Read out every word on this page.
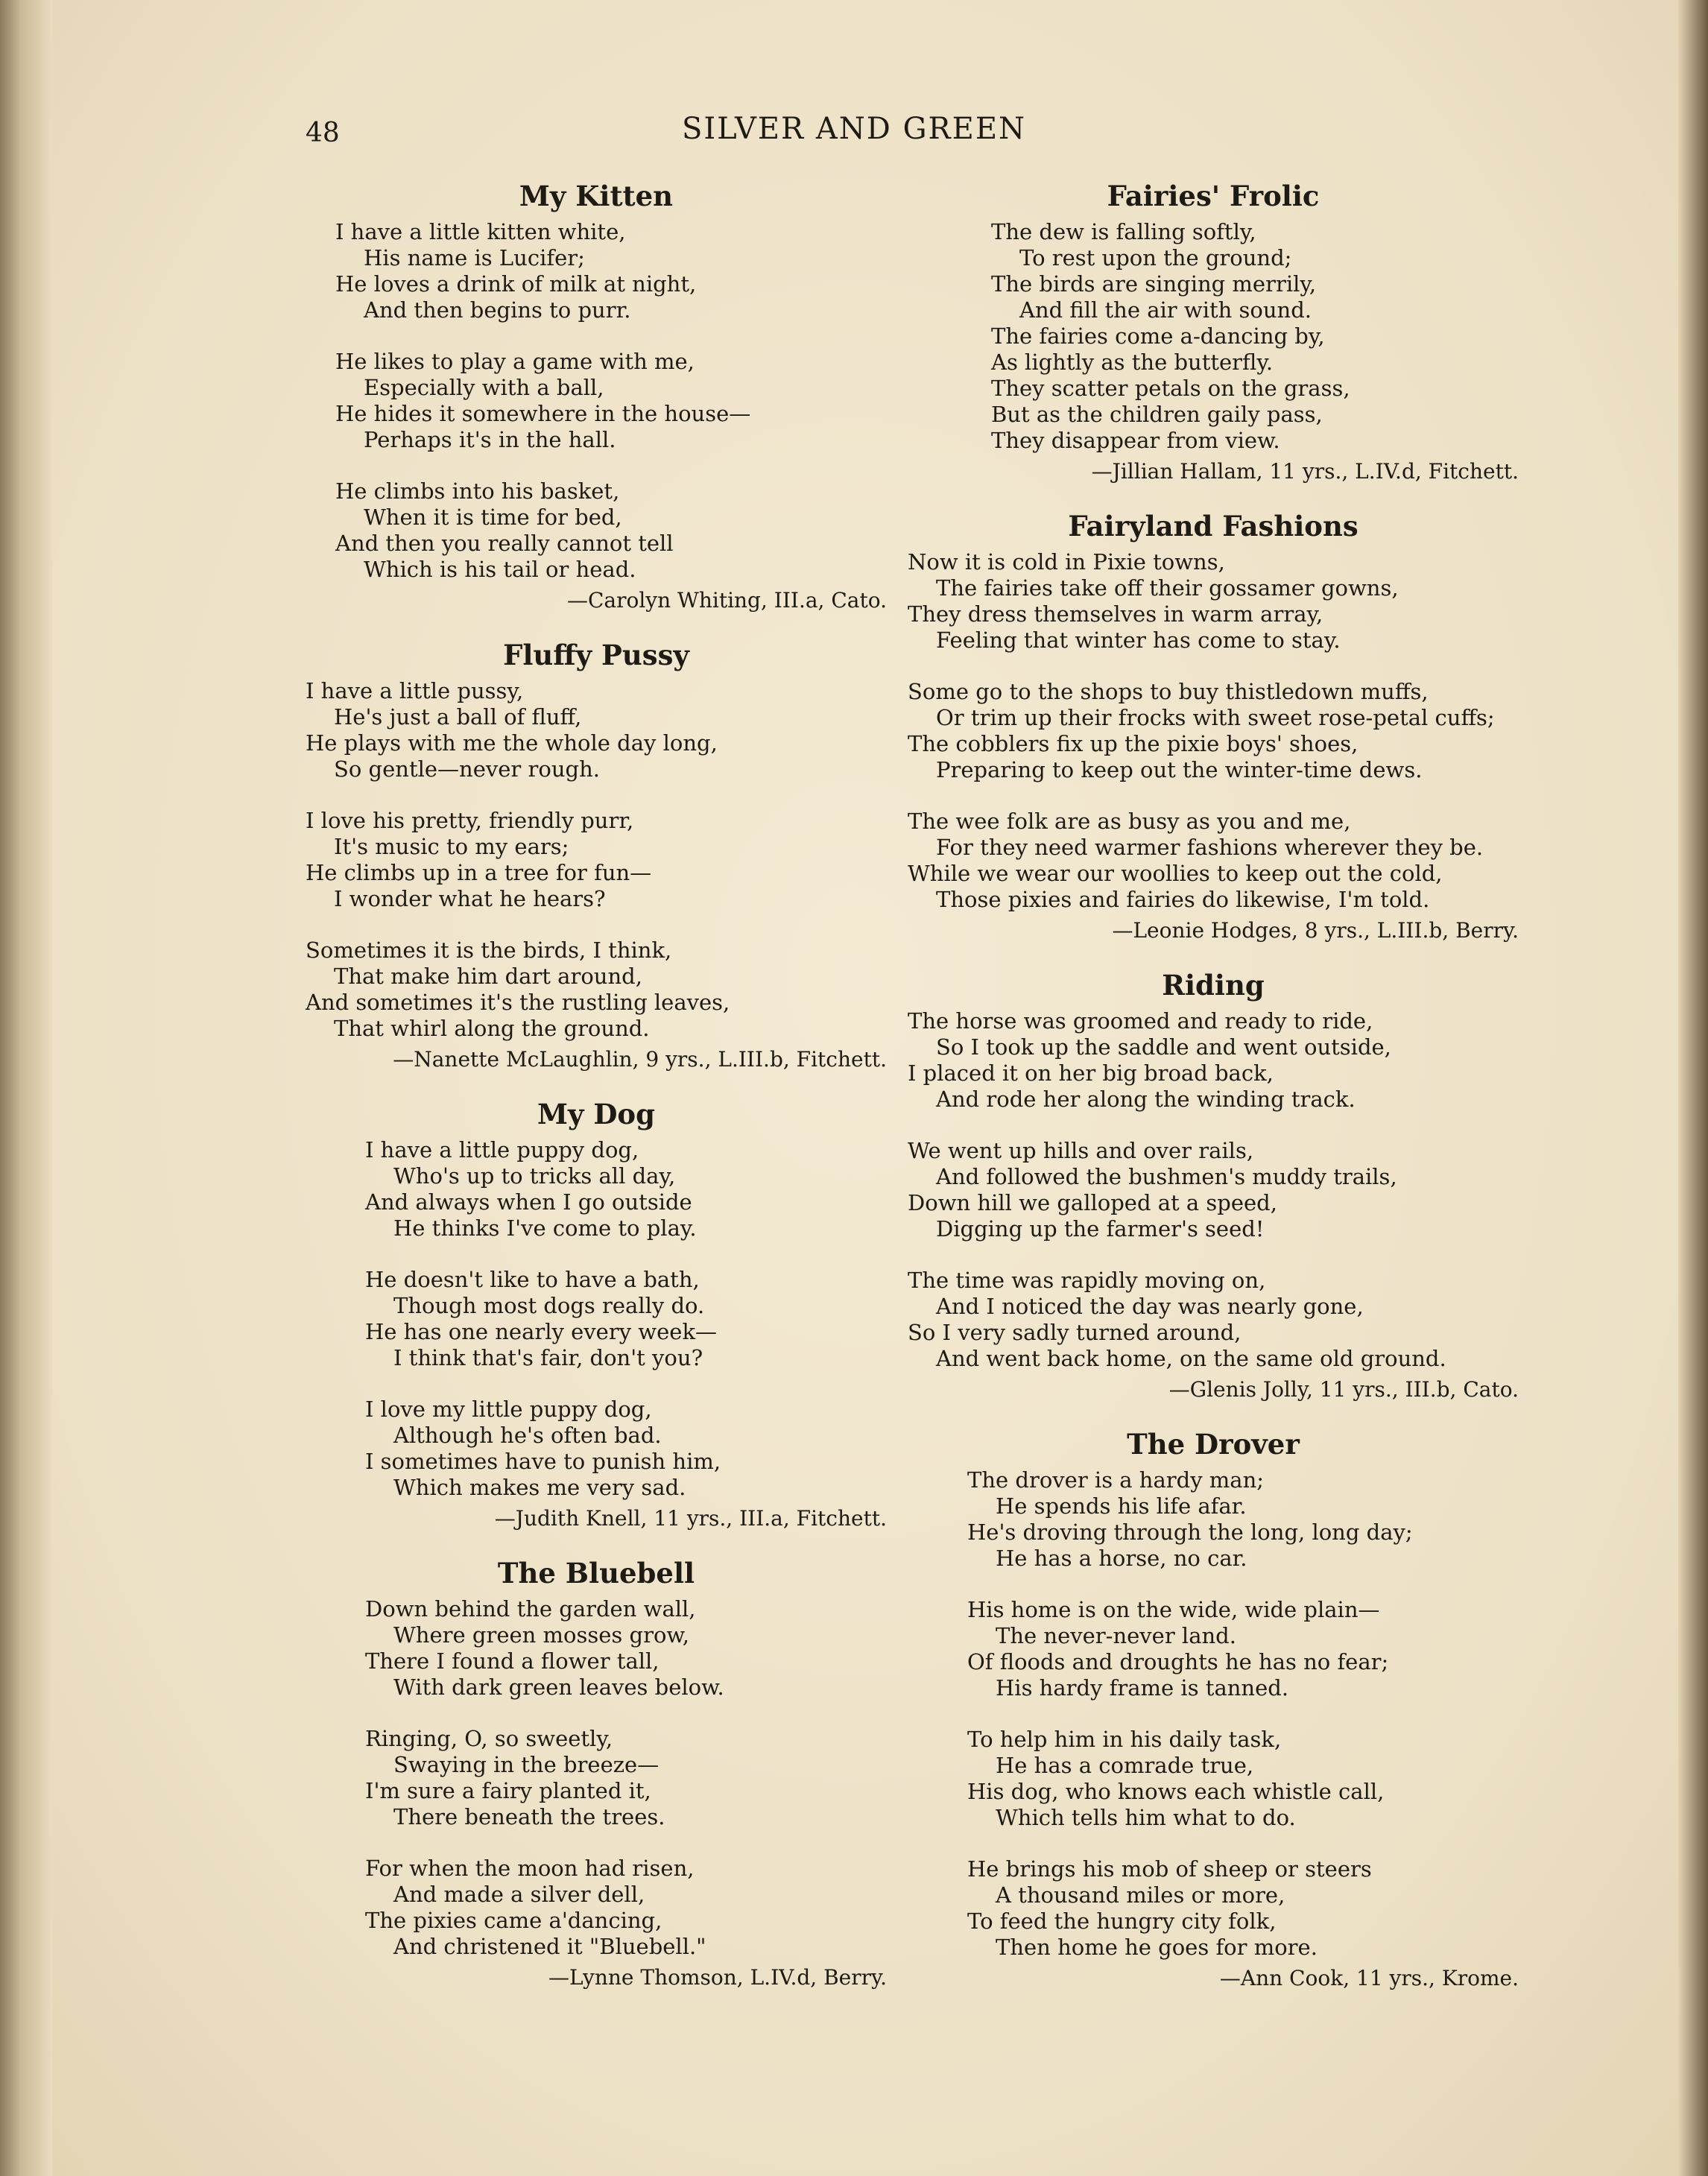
48	SILVER AND GREEN
My Kitten
I have a little kitten white,
His name is Lucifer;
He loves a drink of milk at night,
And then begins to purr.
He likes to play a game with me,
Especially with a ball,
He hides it somewhere in the house—
Perhaps it's in the hall.
He climbs into his basket,
When it is time for bed,
And then you really cannot tell
Which is his tail or head.
—Carolyn Whiting, III.a, Cato.
Fluffy Pussy
I have a little pussy,
He's just a ball of fluff,
He plays with me the whole day long,
So gentle—never rough.
I love his pretty, friendly purr,
It's music to my ears;
He climbs up in a tree for fun—
I wonder what he hears?
Sometimes it is the birds, I think,
That make him dart around,
And sometimes it's the rustling leaves,
That whirl along the ground.
—Nanette McLaughlin, 9 yrs., L.III.b, Fitchett.
My Dog
I have a little puppy dog,
Who's up to tricks all day,
And always when I go outside
He thinks I've come to play.
He doesn't like to have a bath,
Though most dogs really do.
He has one nearly every week—
I think that's fair, don't you?
I love my little puppy dog,
Although he's often bad.
I sometimes have to punish him,
Which makes me very sad.
—Judith Knell, 11 yrs., III.a, Fitchett.
The Bluebell
Down behind the garden wall,
Where green mosses grow,
There I found a flower tall,
With dark green leaves below.
Ringing, O, so sweetly,
Swaying in the breeze—
I'm sure a fairy planted it,
There beneath the trees.
For when the moon had risen,
And made a silver dell,
The pixies came a'dancing,
And christened it "Bluebell."
—Lynne Thomson, L.IV.d, Berry.
Fairies' Frolic
The dew is falling softly,
To rest upon the ground;
The birds are singing merrily,
And fill the air with sound.
The fairies come a-dancing by,
As lightly as the butterfly.
They scatter petals on the grass,
But as the children gaily pass,
They disappear from view.
—Jillian Hallam, 11 yrs., L.IV.d, Fitchett.
Fairyland Fashions
Now it is cold in Pixie towns,
The fairies take off their gossamer gowns,
They dress themselves in warm array,
Feeling that winter has come to stay.
Some go to the shops to buy thistledown muffs,
Or trim up their frocks with sweet rose-petal cuffs;
The cobblers fix up the pixie boys' shoes,
Preparing to keep out the winter-time dews.
The wee folk are as busy as you and me,
For they need warmer fashions wherever they be.
While we wear our woollies to keep out the cold,
Those pixies and fairies do likewise, I'm told.
—Leonie Hodges, 8 yrs., L.III.b, Berry.
Riding
The horse was groomed and ready to ride,
So I took up the saddle and went outside,
I placed it on her big broad back,
And rode her along the winding track.
We went up hills and over rails,
And followed the bushmen's muddy trails,
Down hill we galloped at a speed,
Digging up the farmer's seed!
The time was rapidly moving on,
And I noticed the day was nearly gone,
So I very sadly turned around,
And went back home, on the same old ground.
—Glenis Jolly, 11 yrs., III.b, Cato.
The Drover
The drover is a hardy man;
He spends his life afar.
He's droving through the long, long day;
He has a horse, no car.
His home is on the wide, wide plain—
The never-never land.
Of floods and droughts he has no fear;
His hardy frame is tanned.
To help him in his daily task,
He has a comrade true,
His dog, who knows each whistle call,
Which tells him what to do.
He brings his mob of sheep or steers
A thousand miles or more,
To feed the hungry city folk,
Then home he goes for more.
—Ann Cook, 11 yrs., Krome.
